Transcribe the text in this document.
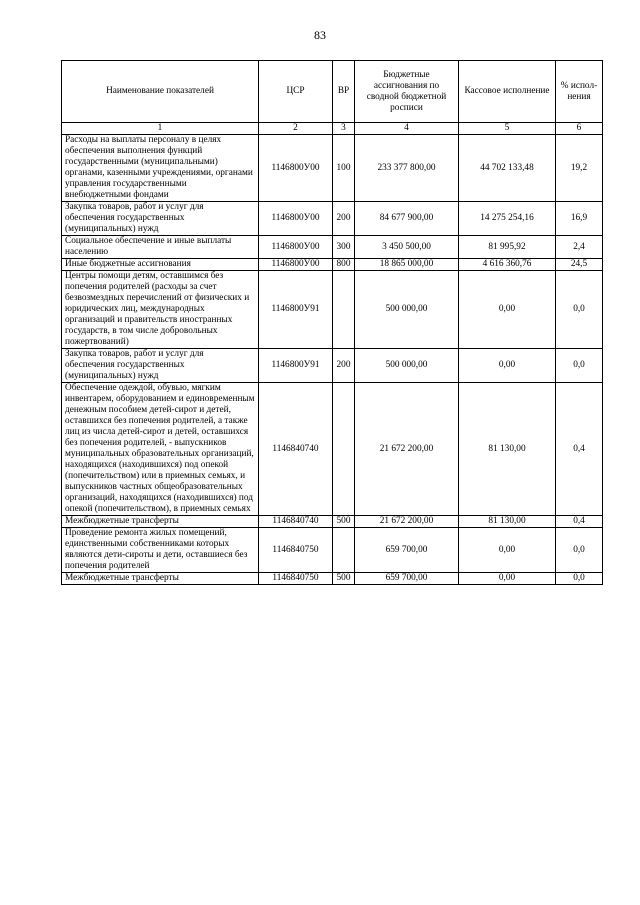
83
Наименование показателей	ЦСР	ВР	Бюджетные ассигнования по сводной бюджетной росписи	Кассовое исполнение	% испол-нения
1	2	3	4	5	6
Расходы на выплаты персоналу в целях обеспечения выполнения функций государственными (муниципальными) органами, казенными учреждениями, органами управления государственными внебюджетными фондами	1146800У00	100	233 377 800,00	44 702 133,48	19,2
Закупка товаров, работ и услуг для обеспечения государственных (муниципальных) нужд	1146800У00	200	84 677 900,00	14 275 254,16	16,9
Социальное обеспечение и иные выплаты населению	1146800У00	300	3 450 500,00	81 995,92	2,4
Иные бюджетные ассигнования	1146800У00	800	18 865 000,00	4 616 360,76	24,5
Центры помощи детям, оставшимся без попечения родителей (расходы за счет безвозмездных перечислений от физических и юридических лиц, международных организаций и правительств иностранных государств, в том числе добровольных пожертвований)	1146800У91		500 000,00	0,00	0,0
Закупка товаров, работ и услуг для обеспечения государственных (муниципальных) нужд	1146800У91	200	500 000,00	0,00	0,0
Обеспечение одеждой, обувью, мягким инвентарем, оборудованием и единовременным денежным пособием детей-сирот и детей, оставшихся без попечения родителей, а также лиц из числа детей-сирот и детей, оставшихся без попечения родителей, - выпускников муниципальных образовательных организаций, находящихся (находившихся) под опекой (попечительством) или в приемных семьях, и выпускников частных общеобразовательных организаций, находящихся (находившихся) под опекой (попечительством), в приемных семьях	1146840740		21 672 200,00	81 130,00	0,4
Межбюджетные трансферты	1146840740	500	21 672 200,00	81 130,00	0,4
Проведение ремонта жилых помещений, единственными собственниками которых являются дети-сироты и дети, оставшиеся без попечения родителей	1146840750		659 700,00	0,00	0,0
Межбюджетные трансферты	1146840750	500	659 700,00	0,00	0,0
